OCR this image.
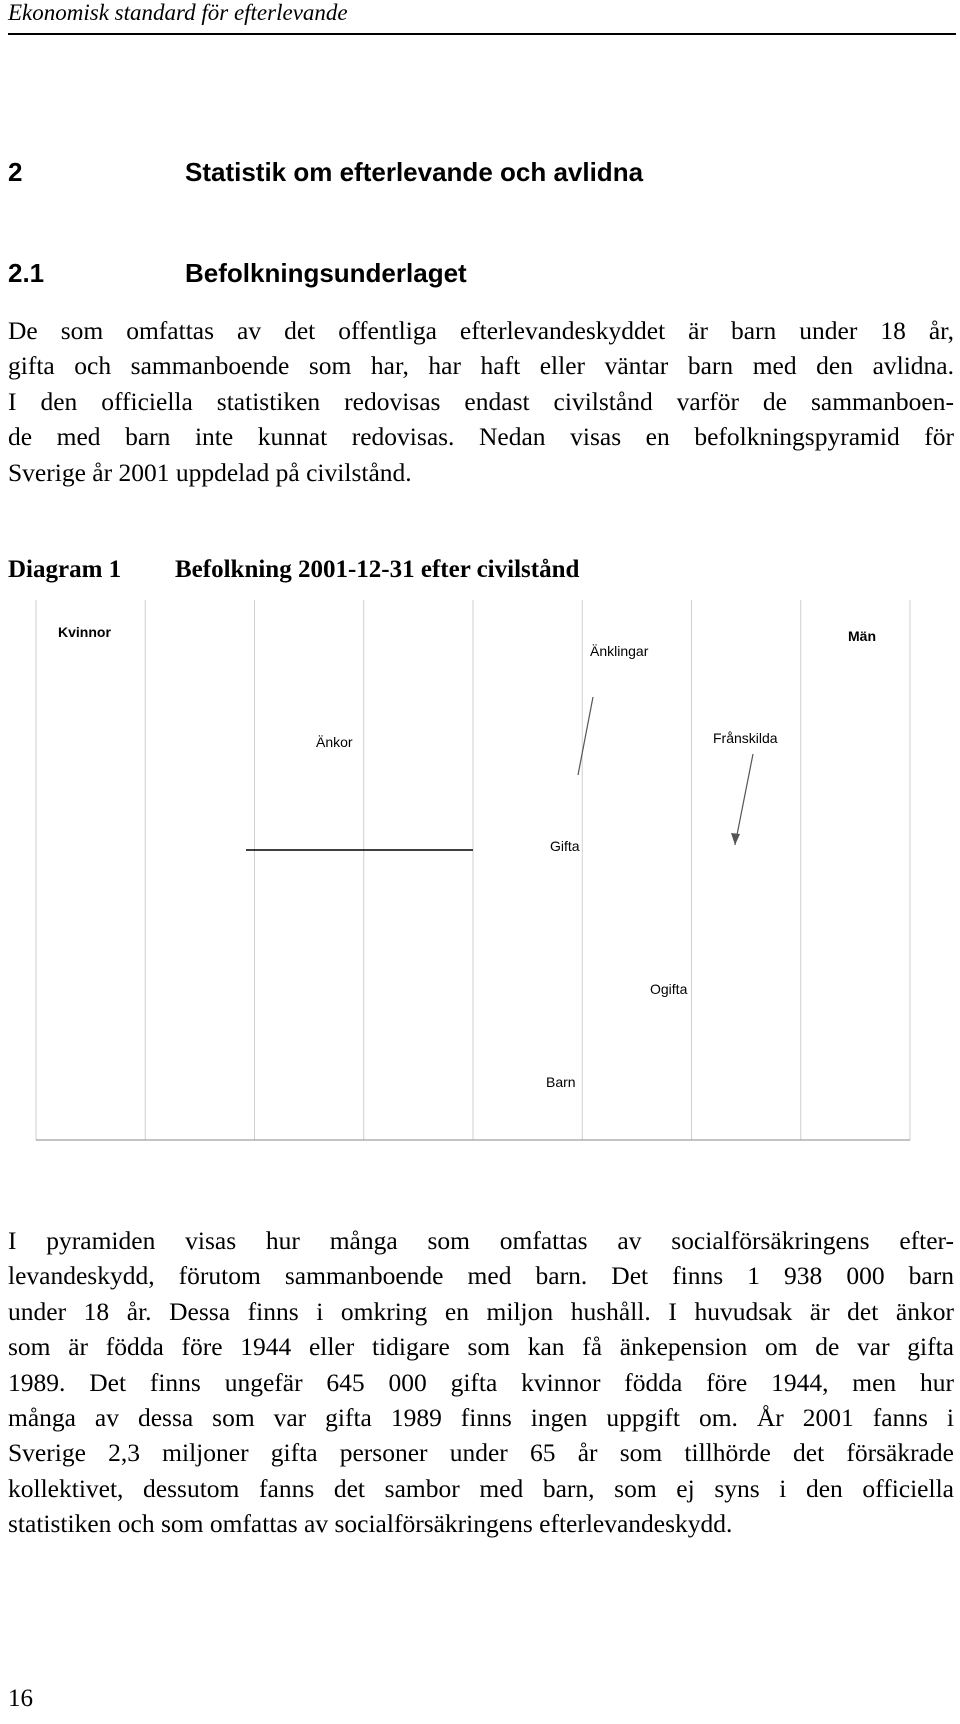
Ekonomisk standard för efterlevande
2	Statistik om efterlevande och avlidna
2.1	Befolkningsunderlaget
De som omfattas av det offentliga efterlevandeskyddet är barn under 18 år,
gifta och sammanboende som har, har haft eller väntar barn med den avlidna.
I den officiella statistiken redovisas endast civilstånd varför de sammanboen-
de med barn inte kunnat redovisas. Nedan visas en befolkningspyramid för
Sverige år 2001 uppdelad på civilstånd.
Diagram 1 Befolkning 2001-12-31 efter civilstånd
Kvinnor	Män
Änklingar
Änkor	Frånskilda
Gifta
Ogifta
Barn
I pyramiden visas hur många som omfattas av socialförsäkringens efter-
levandeskydd, förutom sammanboende med barn. Det finns 1 938 000 barn
under 18 år. Dessa finns i omkring en miljon hushåll. I huvudsak är det änkor
som är födda före 1944 eller tidigare som kan få änkepension om de var gifta
1989. Det finns ungefär 645 000 gifta kvinnor födda före 1944, men hur
många av dessa som var gifta 1989 finns ingen uppgift om. År 2001 fanns i
Sverige 2,3 miljoner gifta personer under 65 år som tillhörde det försäkrade
kollektivet, dessutom fanns det sambor med barn, som ej syns i den officiella
statistiken och som omfattas av socialförsäkringens efterlevandeskydd.
16
